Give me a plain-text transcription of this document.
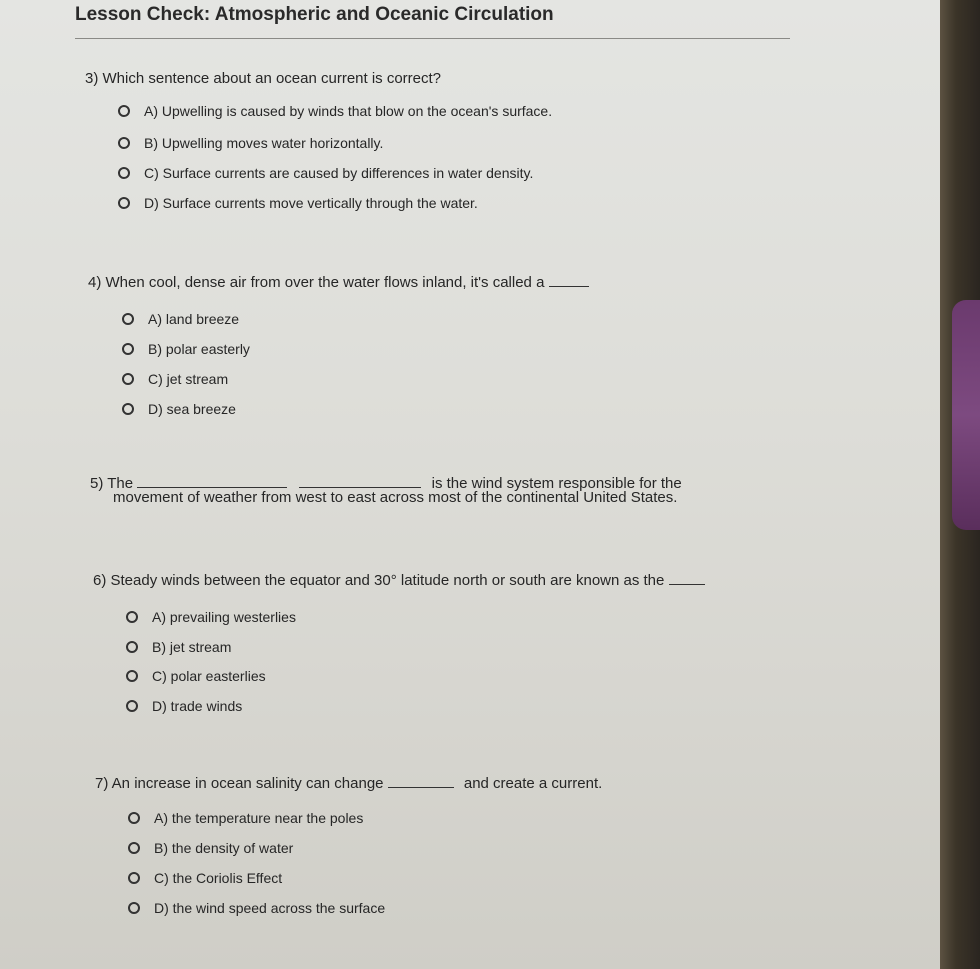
Lesson Check: Atmospheric and Oceanic Circulation
3) Which sentence about an ocean current is correct?
A) Upwelling is caused by winds that blow on the ocean's surface.
B) Upwelling moves water horizontally.
C) Surface currents are caused by differences in water density.
D) Surface currents move vertically through the water.
4) When cool, dense air from over the water flows inland, it's called a
A) land breeze
B) polar easterly
C) jet stream
D) sea breeze
5) The	is the wind system responsible for the
movement of weather from west to east across most of the continental United States.
6) Steady winds between the equator and 30° latitude north or south are known as the
A) prevailing westerlies
B) jet stream
C) polar easterlies
D) trade winds
7) An increase in ocean salinity can change	and create a current.
A) the temperature near the poles
B) the density of water
C) the Coriolis Effect
D) the wind speed across the surface
